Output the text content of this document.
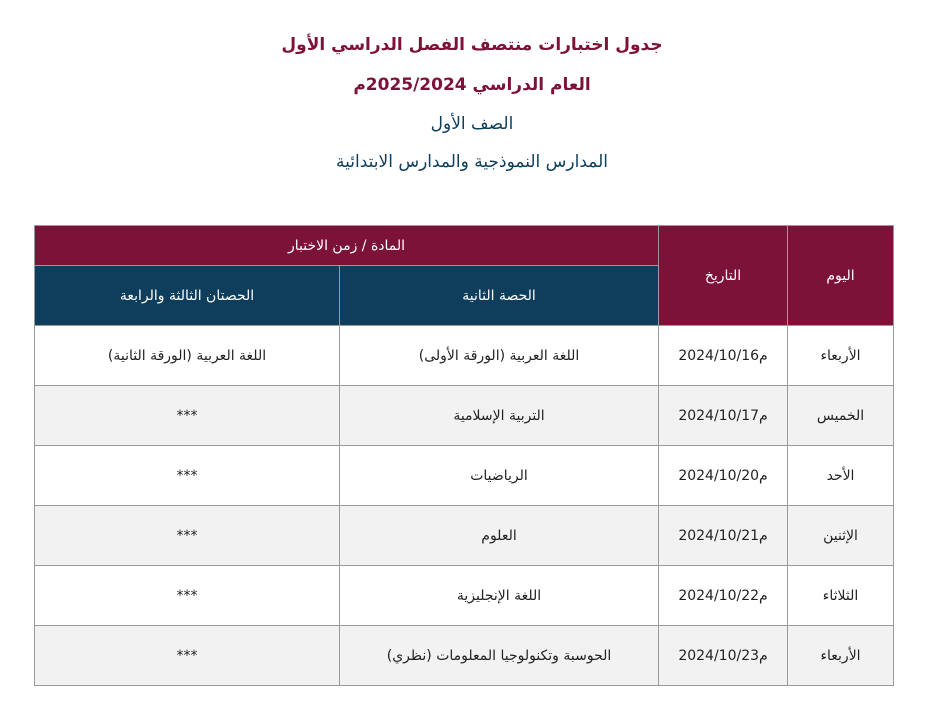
جدول اختبارات منتصف الفصل الدراسي الأول
العام الدراسي 2025/2024م
الصف الأول
المدارس النموذجية والمدارس الابتدائية
اليوم	التاريخ	المادة / زمن الاختبار	
		الحصة الثانية	الحصتان الثالثة والرابعة
الأربعاء	2024/10/16م	اللغة العربية (الورقة الأولى)	اللغة العربية (الورقة الثانية)
الخميس	2024/10/17م	التربية الإسلامية	***
الأحد	2024/10/20م	الرياضيات	***
الإثنين	2024/10/21م	العلوم	***
الثلاثاء	2024/10/22م	اللغة الإنجليزية	***
الأربعاء	2024/10/23م	الحوسبة وتكنولوجيا المعلومات (نظري)	***
